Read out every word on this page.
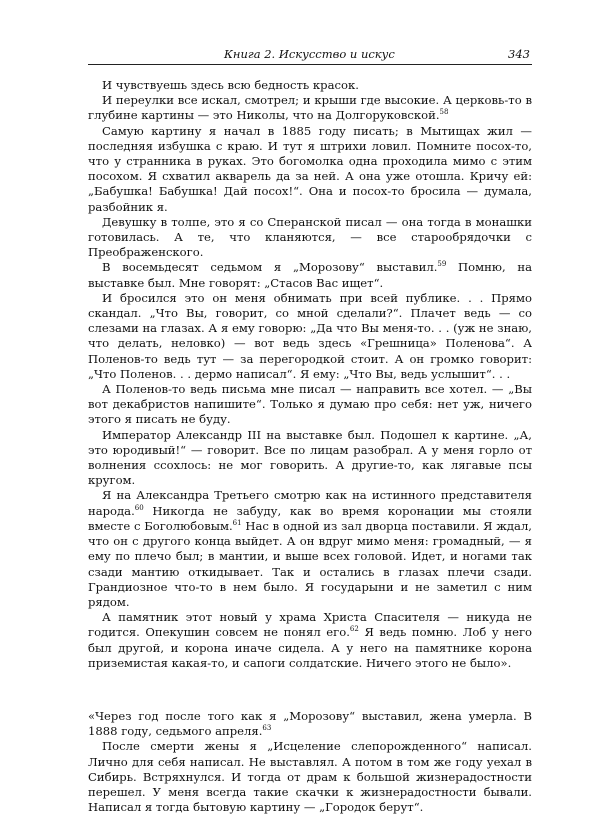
Книга 2. Искусство и искус	343

И чувствуешь здесь всю бедность красок.

И переулки все искал, смотрел; и крыши где высокие. А церковь-то в глубине картины — это Николы, что на Долгоруковской.$^{58}$

Самую картину я начал в 1885 году писать; в Мытищах жил — последняя избушка с краю. И тут я штрихи ловил. Помните посох-то, что у странника в руках. Это богомолка одна проходила мимо с этим посохом. Я схватил акварель да за ней. А она уже отошла. Кричу ей: „Бабушка! Бабушка! Дай посох!“. Она и посох-то бросила — думала, разбойник я.

Девушку в толпе, это я со Сперанской писал — она тогда в монашки готовилась. А те, что кланяются, — все старообрядочки с Преображенского.

В восемьдесят седьмом я „Морозову“ выставил.$^{59}$ Помню, на выставке был. Мне говорят: „Стасов Вас ищет“.

И бросился это он меня обнимать при всей публике. . . Прямо скандал. „Что Вы, говорит, со мной сделали?“. Плачет ведь — со слезами на глазах. А я ему говорю: „Да что Вы меня-то. . . (уж не знаю, что делать, неловко) — вот ведь здесь «Грешница» Поленова“. А Поленов-то ведь тут — за перегородкой стоит. А он громко говорит: „Что Поленов. . . дермо написал“. Я ему: „Что Вы, ведь услышит“. . .

А Поленов-то ведь письма мне писал — направить все хотел. — „Вы вот декабристов напишите“. Только я думаю про себя: нет уж, ничего этого я писать не буду.

Император Александр III на выставке был. Подошел к картине. „А, это юродивый!“ — говорит. Все по лицам разобрал. А у меня горло от волнения ссохлось: не мог говорить. А другие-то, как лягавые псы кругом.

Я на Александра Третьего смотрю как на истинного представителя народа.$^{60}$ Никогда не забуду, как во время коронации мы стояли вместе с Боголюбовым.$^{61}$ Нас в одной из зал дворца поставили. Я ждал, что он с другого конца выйдет. А он вдруг мимо меня: громадный, — я ему по плечо был; в мантии, и выше всех головой. Идет, и ногами так сзади мантию откидывает. Так и остались в глазах плечи сзади. Грандиозное что-то в нем было. Я государыни и не заметил с ним рядом.

А памятник этот новый у храма Христа Спасителя — никуда не годится. Опекушин совсем не понял его.$^{62}$ Я ведь помню. Лоб у него был другой, и корона иначе сидела. А у него на памятнике корона приземистая какая-то, и сапоги солдатские. Ничего этого не было».

«Через год после того как я „Морозову“ выставил, жена умерла. В 1888 году, седьмого апреля.$^{63}$

После смерти жены я „Исцеление слепорожденного“ написал. Лично для себя написал. Не выставлял. А потом в том же году уехал в Сибирь. Встряхнулся. И тогда от драм к большой жизнерадостности перешел. У меня всегда такие скачки к жизнерадостности бывали. Написал я тогда бытовую картину — „Городок берут“.
